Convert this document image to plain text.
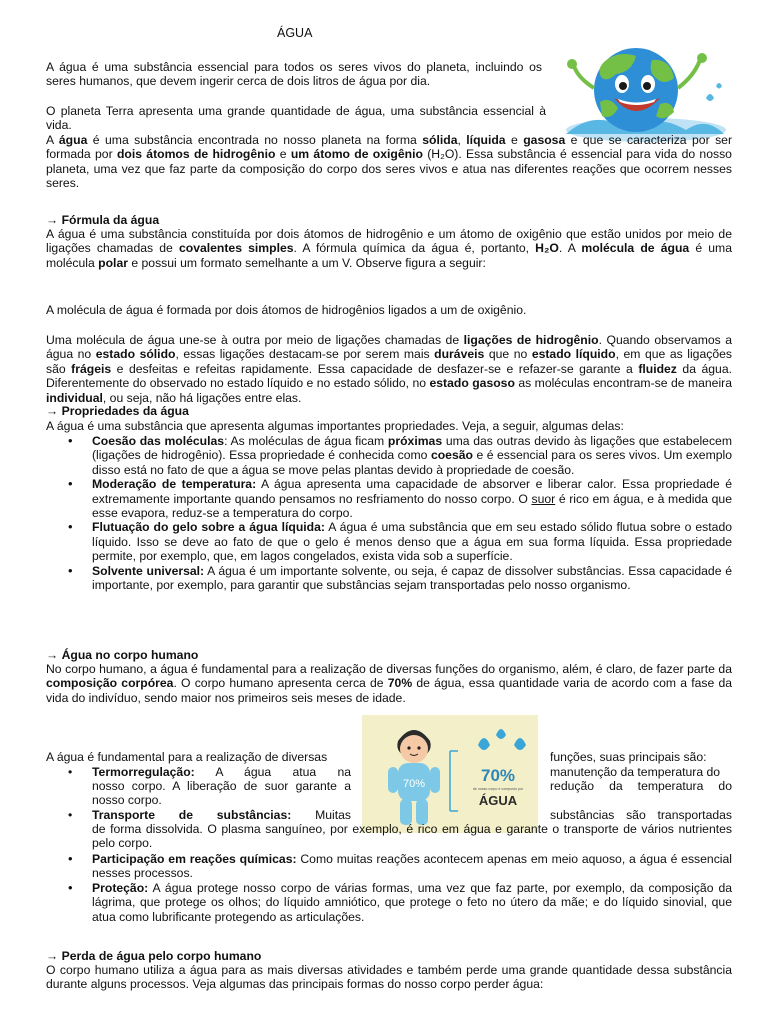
ÁGUA

A água é uma substância essencial para todos os seres vivos do planeta, incluindo os seres humanos, que devem ingerir cerca de dois litros de água por dia.

O planeta Terra apresenta uma grande quantidade de água, uma substância essencial à vida.

A água é uma substância encontrada no nosso planeta na forma sólida, líquida e gasosa e que se caracteriza por ser formada por dois átomos de hidrogênio e um átomo de oxigênio (H₂O). Essa substância é essencial para vida do nosso planeta, uma vez que faz parte da composição do corpo dos seres vivos e atua nas diferentes reações que ocorrem nesses seres.

→ Fórmula da água

A água é uma substância constituída por dois átomos de hidrogênio e um átomo de oxigênio que estão unidos por meio de ligações chamadas de covalentes simples. A fórmula química da água é, portanto, H₂O. A molécula de água é uma molécula polar e possui um formato semelhante a um V. Observe figura a seguir:

A molécula de água é formada por dois átomos de hidrogênios ligados a um de oxigênio.

Uma molécula de água une-se à outra por meio de ligações chamadas de ligações de hidrogênio. Quando observamos a água no estado sólido, essas ligações destacam-se por serem mais duráveis que no estado líquido, em que as ligações são frágeis e desfeitas e refeitas rapidamente. Essa capacidade de desfazer-se e refazer-se garante a fluidez da água. Diferentemente do observado no estado líquido e no estado sólido, no estado gasoso as moléculas encontram-se de maneira individual, ou seja, não há ligações entre elas.

→ Propriedades da água

A água é uma substância que apresenta algumas importantes propriedades. Veja, a seguir, algumas delas:

• Coesão das moléculas: As moléculas de água ficam próximas uma das outras devido às ligações que estabelecem (ligações de hidrogênio). Essa propriedade é conhecida como coesão e é essencial para os seres vivos. Um exemplo disso está no fato de que a água se move pelas plantas devido à propriedade de coesão.
• Moderação de temperatura: A água apresenta uma capacidade de absorver e liberar calor. Essa propriedade é extremamente importante quando pensamos no resfriamento do nosso corpo. O suor é rico em água, e à medida que esse evapora, reduz-se a temperatura do corpo.
• Flutuação do gelo sobre a água líquida: A água é uma substância que em seu estado sólido flutua sobre o estado líquido. Isso se deve ao fato de que o gelo é menos denso que a água em sua forma líquida. Essa propriedade permite, por exemplo, que, em lagos congelados, exista vida sob a superfície.
• Solvente universal: A água é um importante solvente, ou seja, é capaz de dissolver substâncias. Essa capacidade é importante, por exemplo, para garantir que substâncias sejam transportadas pelo nosso organismo.

→ Água no corpo humano

No corpo humano, a água é fundamental para a realização de diversas funções do organismo, além, é claro, de fazer parte da composição corpórea. O corpo humano apresenta cerca de 70% de água, essa quantidade varia de acordo com a fase da vida do indivíduo, sendo maior nos primeiros seis meses de idade.

70%	70%
de nosso corpo é composto por
ÁGUA

A água é fundamental para a realização de diversas	funções, suas principais são:

•	Termorregulação: A água atua na	manutenção da temperatura do

nosso corpo. A liberação de suor garante a	redução da temperatura do

nosso corpo.

•	Transporte de substâncias: Muitas	substâncias são transportadas

de forma dissolvida. O plasma sanguíneo, por exemplo, é rico em água e garante o transporte de vários nutrientes pelo corpo.

• Participação em reações químicas: Como muitas reações acontecem apenas em meio aquoso, a água é essencial nesses processos.
• Proteção: A água protege nosso corpo de várias formas, uma vez que faz parte, por exemplo, da composição da lágrima, que protege os olhos; do líquido amniótico, que protege o feto no útero da mãe; e do líquido sinovial, que atua como lubrificante protegendo as articulações.

→ Perda de água pelo corpo humano

O corpo humano utiliza a água para as mais diversas atividades e também perde uma grande quantidade dessa substância durante alguns processos. Veja algumas das principais formas do nosso corpo perder água:
